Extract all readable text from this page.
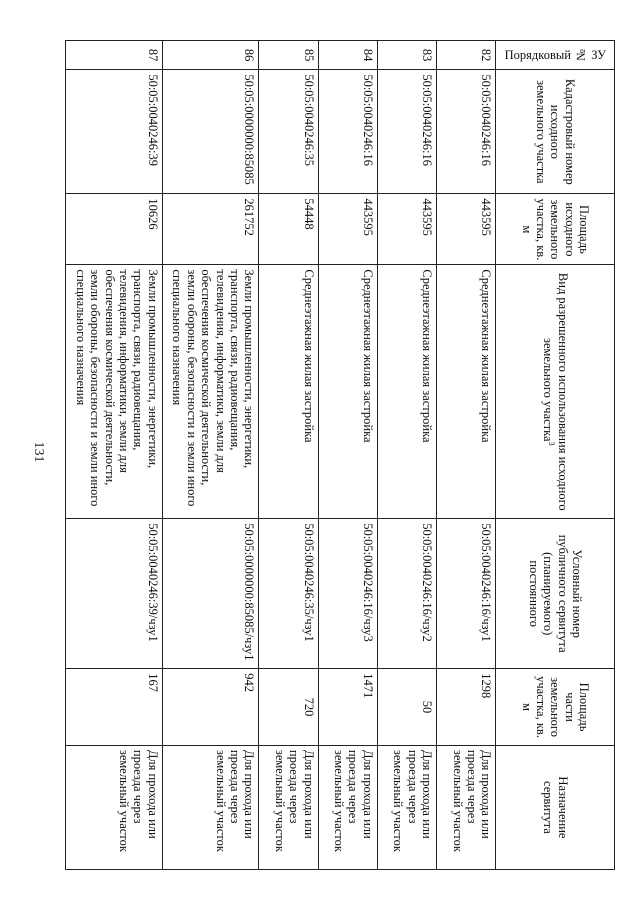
131
Порядковый № ЗУ	Кадастровый номер исходного земельного участка	Площадь исходного земельного участка, кв. м	Вид разрешенного использования исходного земельного участка$^3$	Условный номер публичного сервитута (планируемого) постоянного	Площадь части земельного участка, кв. м	Назначение сервитута
82	50:05:0040246:16	443595	Среднеэтажная жилая застройка	50:05:0040246:16/чзу1	1298	Для прохода или проезда через земельный участок
83	50:05:0040246:16	443595	Среднеэтажная жилая застройка	50:05:0040246:16/чзу2	50	Для прохода или проезда через земельный участок
84	50:05:0040246:16	443595	Среднеэтажная жилая застройка	50:05:0040246:16/чзу3	1471	Для прохода или проезда через земельный участок
85	50:05:0040246:35	54448	Среднеэтажная жилая застройка	50:05:0040246:35/чзу1	720	Для прохода или проезда через земельный участок
86	50:05:0000000:85085	261752	Земли промышленности, энергетики, транспорта, связи, радиовещания, телевидения, информатики, земли для обеспечения космической деятельности, земли обороны, безопасности и земли иного специального назначения	50:05:0000000:85085/чзу1	942	Для прохода или проезда через земельный участок
87	50:05:0040246:39	10626	Земли промышленности, энергетики, транспорта, связи, радиовещания, телевидения, информатики, земли для обеспечения космической деятельности, земли обороны, безопасности и земли иного специального назначения	50:05:0040246:39/чзу1	167	Для прохода или проезда через земельный участок
